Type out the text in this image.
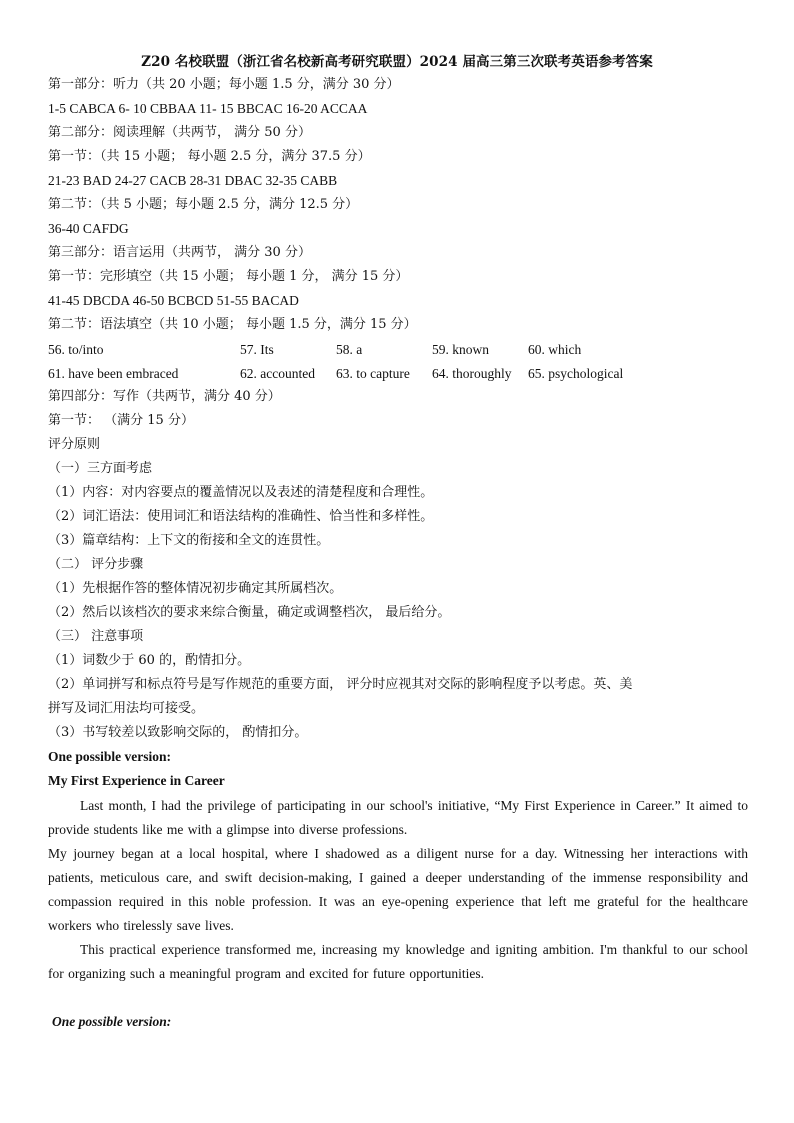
Z20 名校联盟（浙江省名校新高考研究联盟）2024 届高三第三次联考英语参考答案
第一部分：听力（共 20 小题；每小题 1.5 分，满分 30 分）
1-5 CABCA 6- 10 CBBAA 11- 15 BBCAC 16-20 ACCAA
第二部分：阅读理解（共两节， 满分 50 分）
第一节：（共 15 小题； 每小题 2.5 分，满分 37.5 分）
21-23 BAD 24-27 CACB 28-31 DBAC 32-35 CABB
第二节：（共 5 小题；每小题 2.5 分，满分 12.5 分）
36-40 CAFDG
第三部分：语言运用（共两节， 满分 30 分）
第一节：完形填空（共 15 小题； 每小题 1 分， 满分 15 分）
41-45 DBCDA 46-50 BCBCD 51-55 BACAD
第二节：语法填空（共 10 小题； 每小题 1.5 分，满分 15 分）
56. to/into	57. Its	58. a	59. known	60. which
61. have been embraced	62. accounted 63. to capture 64. thoroughly 65. psychological
第四部分：写作（共两节，满分 40 分）
第一节： （满分 15 分）
评分原则
（一）三方面考虑
（1）内容：对内容要点的覆盖情况以及表述的清楚程度和合理性。
（2）词汇语法：使用词汇和语法结构的准确性、恰当性和多样性。
（3）篇章结构：上下文的衔接和全文的连贯性。
（二） 评分步骤
（1）先根据作答的整体情况初步确定其所属档次。
（2）然后以该档次的要求来综合衡量，确定或调整档次， 最后给分。
（三） 注意事项
（1）词数少于 60 的，酌情扣分。
（2）单词拼写和标点符号是写作规范的重要方面， 评分时应视其对交际的影响程度予以考虑。英、美
拼写及词汇用法均可接受。
（3）书写较差以致影响交际的， 酌情扣分。
One possible version:
My First Experience in Career
Last month, I had the privilege of participating in our school's initiative, “My First Experience in Career.” It aimed to provide students like me with a glimpse into diverse professions.
My journey began at a local hospital, where I shadowed as a diligent nurse for a day. Witnessing her interactions with patients, meticulous care, and swift decision-making, I gained a deeper understanding of the immense responsibility and compassion required in this noble profession. It was an eye-opening experience that left me grateful for the healthcare workers who tirelessly save lives.
This practical experience transformed me, increasing my knowledge and igniting ambition. I'm thankful to our school for organizing such a meaningful program and excited for future opportunities.
One possible version:
